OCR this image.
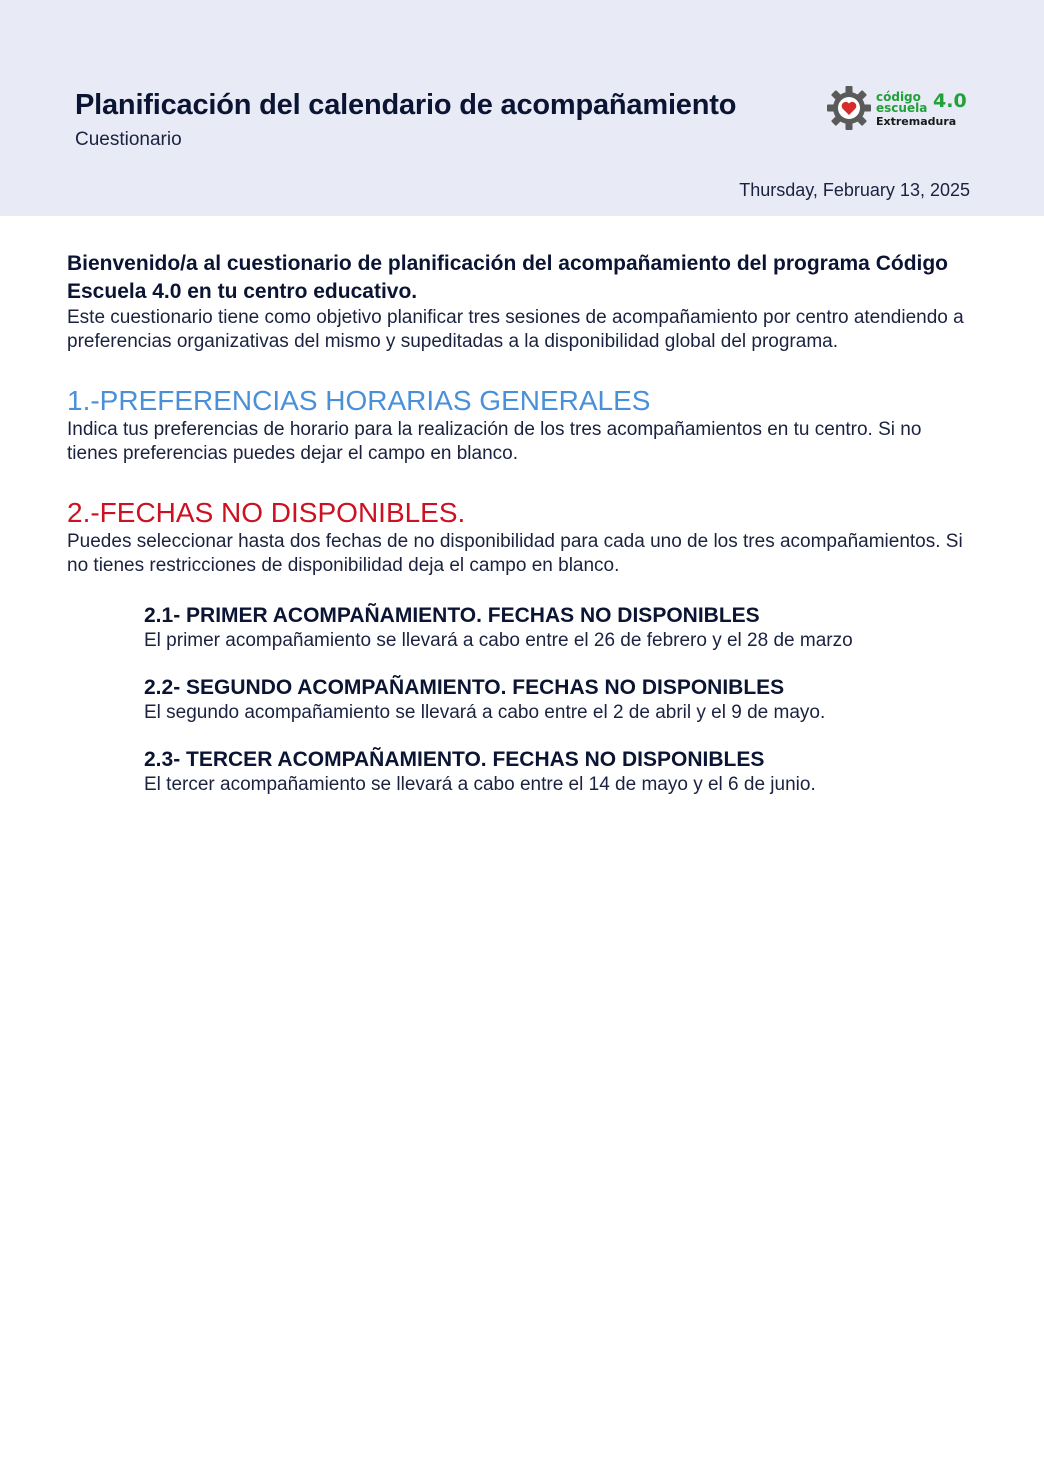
Planificación del calendario de acompañamiento
Cuestionario
código
escuela 4.0
Extremadura
Thursday, February 13, 2025

Bienvenido/a al cuestionario de planificación del acompañamiento del programa Código Escuela 4.0 en tu centro educativo.

Este cuestionario tiene como objetivo planificar tres sesiones de acompañamiento por centro atendiendo a preferencias organizativas del mismo y supeditadas a la disponibilidad global del programa.

1.-PREFERENCIAS HORARIAS GENERALES

Indica tus preferencias de horario para la realización de los tres acompañamientos en tu centro. Si no tienes preferencias puedes dejar el campo en blanco.

2.-FECHAS NO DISPONIBLES.

Puedes seleccionar hasta dos fechas de no disponibilidad para cada uno de los tres acompañamientos. Si no tienes restricciones de disponibilidad deja el campo en blanco.

2.1- PRIMER ACOMPAÑAMIENTO. FECHAS NO DISPONIBLES

El primer acompañamiento se llevará a cabo entre el 26 de febrero y el 28 de marzo

2.2- SEGUNDO ACOMPAÑAMIENTO. FECHAS NO DISPONIBLES

El segundo acompañamiento se llevará a cabo entre el 2 de abril y el 9 de mayo.

2.3- TERCER ACOMPAÑAMIENTO. FECHAS NO DISPONIBLES

El tercer acompañamiento se llevará a cabo entre el 14 de mayo y el 6 de junio.
